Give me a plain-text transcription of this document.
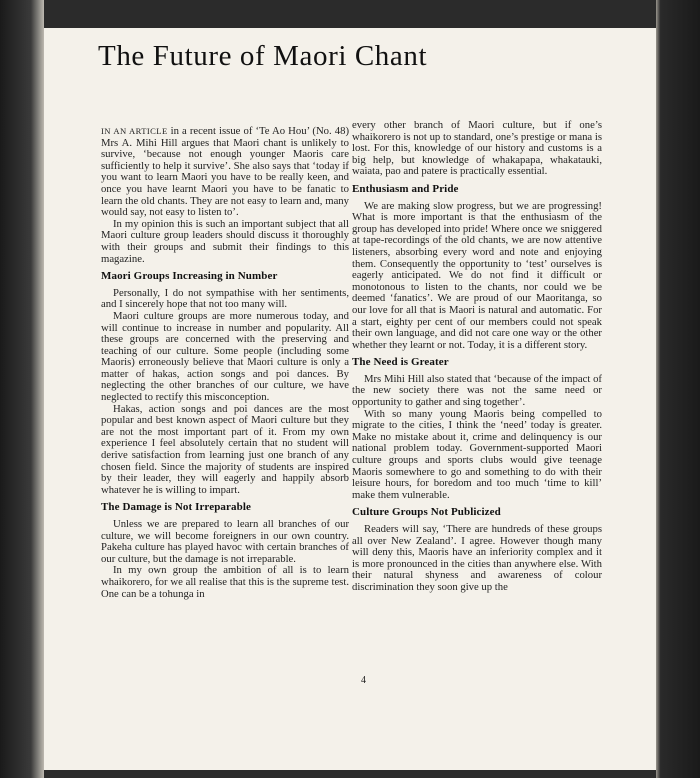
The Future of Maori Chant

IN AN ARTICLE in a recent issue of ‘Te Ao Hou’ (No. 48) Mrs A. Mihi Hill argues that Maori chant is unlikely to survive, ‘because not enough younger Maoris care sufficiently to help it survive’. She also says that ‘today if you want to learn Maori you have to be really keen, and once you have learnt Maori you have to be fanatic to learn the old chants. They are not easy to learn and, many would say, not easy to listen to’.

In my opinion this is such an important subject that all Maori culture group leaders should discuss it thoroughly with their groups and submit their findings to this magazine.

Maori Groups Increasing in Number

Personally, I do not sympathise with her sentiments, and I sincerely hope that not too many will.

Maori culture groups are more numerous today, and will continue to increase in number and popularity. All these groups are concerned with the preserving and teaching of our culture. Some people (including some Maoris) erroneously believe that Maori culture is only a matter of hakas, action songs and poi dances. By neglecting the other branches of our culture, we have neglected to rectify this misconception.

Hakas, action songs and poi dances are the most popular and best known aspect of Maori culture but they are not the most important part of it. From my own experience I feel absolutely certain that no student will derive satisfaction from learning just one branch of any chosen field. Since the majority of students are inspired by their leader, they will eagerly and happily absorb whatever he is willing to impart.

The Damage is Not Irreparable

Unless we are prepared to learn all branches of our culture, we will become foreigners in our own country. Pakeha culture has played havoc with certain branches of our culture, but the damage is not irreparable.

In my own group the ambition of all is to learn whaikorero, for we all realise that this is the supreme test. One can be a tohunga in

every other branch of Maori culture, but if one’s whaikorero is not up to standard, one’s prestige or mana is lost. For this, knowledge of our history and customs is a big help, but knowledge of whakapapa, whakatauki, waiata, pao and patere is practically essential.

Enthusiasm and Pride

We are making slow progress, but we are progressing! What is more important is that the enthusiasm of the group has developed into pride! Where once we sniggered at tape-recordings of the old chants, we are now attentive listeners, absorbing every word and note and enjoying them. Consequently the opportunity to ‘test’ ourselves is eagerly anticipated. We do not find it difficult or monotonous to listen to the chants, nor could we be deemed ‘fanatics’. We are proud of our Maoritanga, so our love for all that is Maori is natural and automatic. For a start, eighty per cent of our members could not speak their own language, and did not care one way or the other whether they learnt or not. Today, it is a different story.

The Need is Greater

Mrs Mihi Hill also stated that ‘because of the impact of the new society there was not the same need or opportunity to gather and sing together’.

With so many young Maoris being compelled to migrate to the cities, I think the ‘need’ today is greater. Make no mistake about it, crime and delinquency is our national problem today. Government-supported Maori culture groups and sports clubs would give teenage Maoris somewhere to go and something to do with their leisure hours, for boredom and too much ‘time to kill’ make them vulnerable.

Culture Groups Not Publicized

Readers will say, ‘There are hundreds of these groups all over New Zealand’. I agree. However though many will deny this, Maoris have an inferiority complex and it is more pronounced in the cities than anywhere else. With their natural shyness and awareness of colour discrimination they soon give up the

4
